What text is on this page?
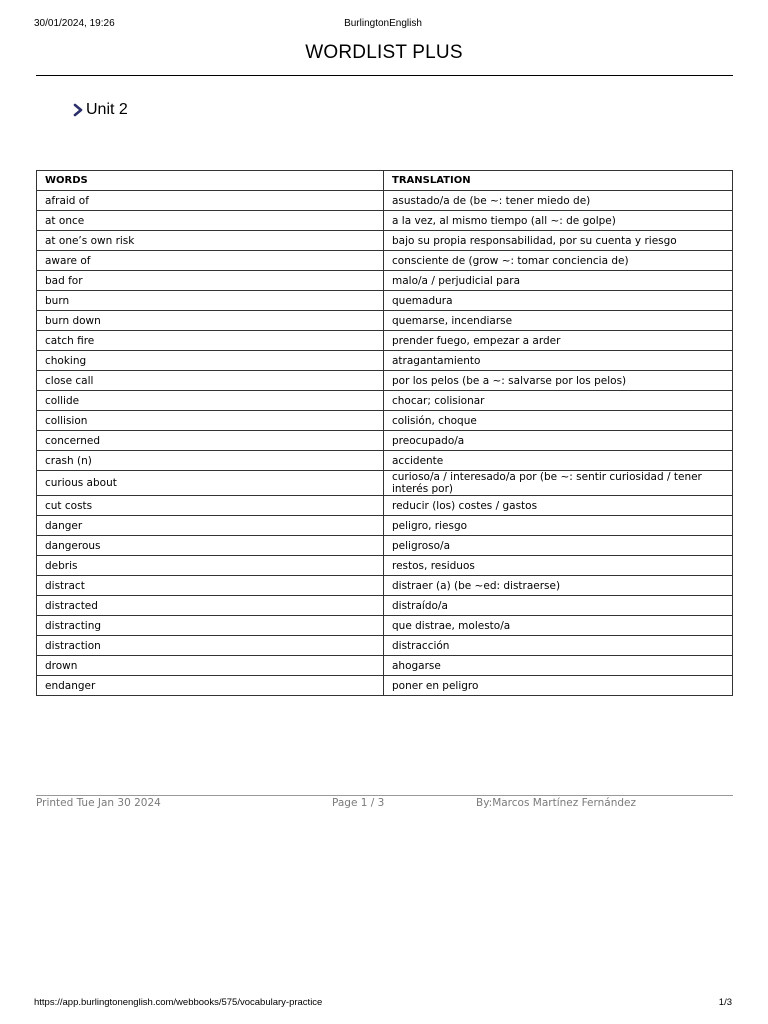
30/01/2024, 19:26	BurlingtonEnglish
WORDLIST PLUS
Unit 2
WORDS	TRANSLATION
afraid of	asustado/a de (be ~: tener miedo de)
at once	a la vez, al mismo tiempo (all ~: de golpe)
at one’s own risk	bajo su propia responsabilidad, por su cuenta y riesgo
aware of	consciente de (grow ~: tomar conciencia de)
bad for	malo/a / perjudicial para
burn	quemadura
burn down	quemarse, incendiarse
catch fire	prender fuego, empezar a arder
choking	atragantamiento
close call	por los pelos (be a ~: salvarse por los pelos)
collide	chocar; colisionar
collision	colisión, choque
concerned	preocupado/a
crash (n)	accidente
curious about	curioso/a / interesado/a por (be ~: sentir curiosidad / tener interés por)
cut costs	reducir (los) costes / gastos
danger	peligro, riesgo
dangerous	peligroso/a
debris	restos, residuos
distract	distraer (a) (be ~ed: distraerse)
distracted	distraído/a
distracting	que distrae, molesto/a
distraction	distracción
drown	ahogarse
endanger	poner en peligro
Printed Tue Jan 30 2024	Page 1 / 3	By:Marcos Martínez Fernández
https://app.burlingtonenglish.com/webbooks/575/vocabulary-practice	1/3
